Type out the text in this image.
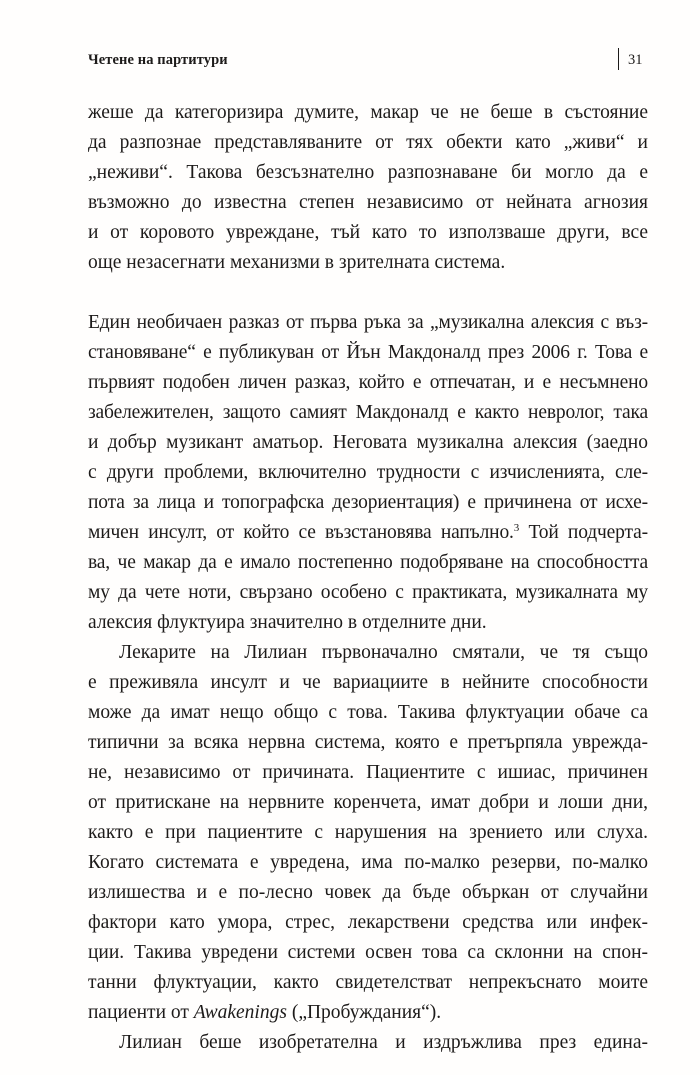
Четене на партитури	31
жеше да категоризира думите, макар че не беше в състояние
да разпознае представляваните от тях обекти като „живи“ и
„неживи“. Такова безсъзнателно разпознаване би могло да е
възможно до известна степен независимо от нейната агнозия
и от коровото увреждане, тъй като то използваше други, все
още незасегнати механизми в зрителната система.
Един необичаен разказ от първа ръка за „музикална алексия с въз-
становяване“ е публикуван от Йън Макдоналд през 2006 г. Това е
първият подобен личен разказ, който е отпечатан, и е несъмнено
забележителен, защото самият Макдоналд е както невролог, така
и добър музикант аматьор. Неговата музикална алексия (заедно
с други проблеми, включително трудности с изчисленията, сле-
пота за лица и топографска дезориентация) е причинена от исхе-
мичен инсулт, от който се възстановява напълно.$^3$ Той подчерта-
ва, че макар да е имало постепенно подобряване на способността
му да чете ноти, свързано особено с практиката, музикалната му
алексия флуктуира значително в отделните дни.
Лекарите на Лилиан първоначално смятали, че тя също
е преживяла инсулт и че вариациите в нейните способности
може да имат нещо общо с това. Такива флуктуации обаче са
типични за всяка нервна система, която е претърпяла увреждa-
не, независимо от причината. Пациентите с ишиас, причинен
от притискане на нервните коренчета, имат добри и лоши дни,
както е при пациентите с нарушения на зрението или слуха.
Когато системата е увредена, има по-малко резерви, по-малко
излишества и е по-лесно човек да бъде объркан от случайни
фактори като умора, стрес, лекарствени средства или инфек-
ции. Такива увредени системи освен това са склонни на спон-
танни флуктуации, както свидетелстват непрекъснато моите
пациенти от Awakenings („Пробуждания“).
Лилиан беше изобретателна и издръжлива през едина-
